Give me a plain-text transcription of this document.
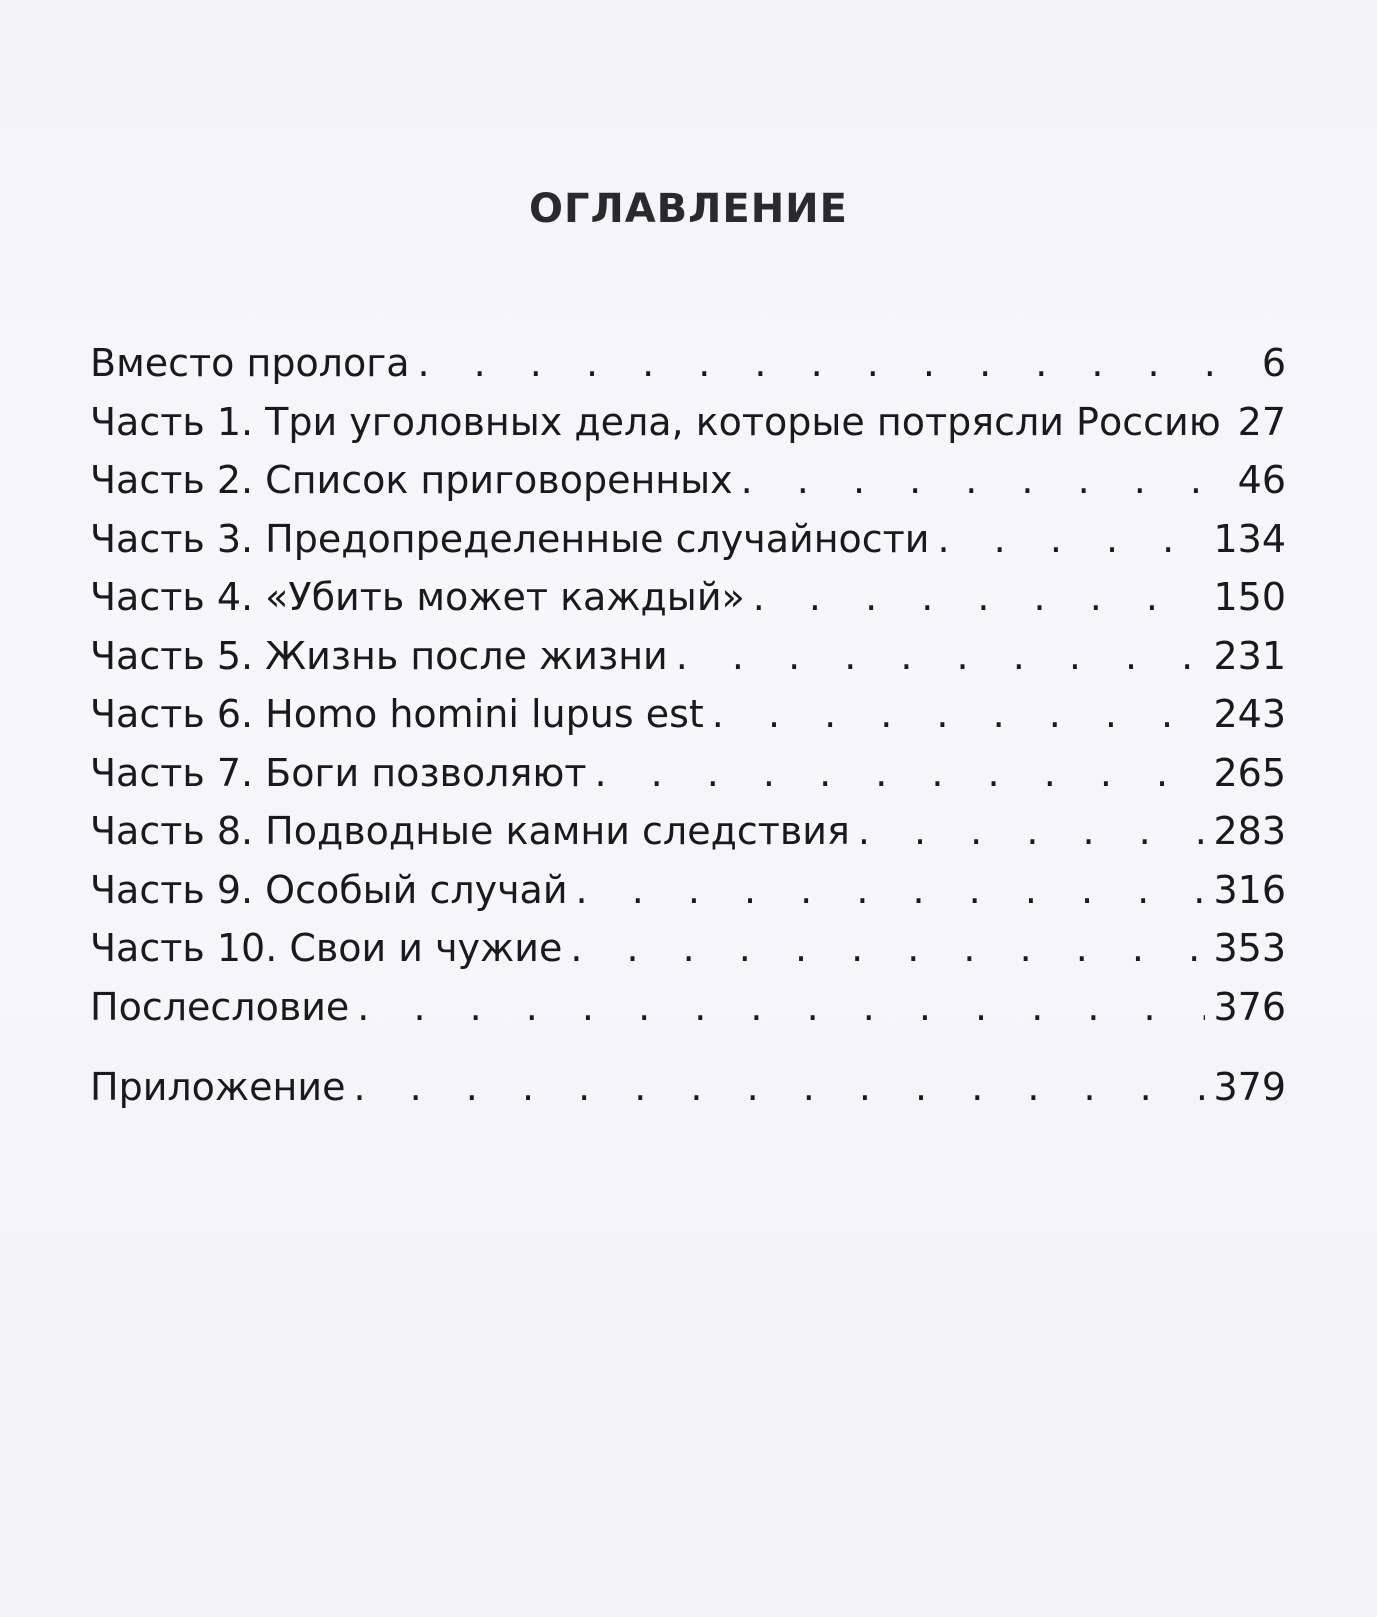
ОГЛАВЛЕНИЕ
Вместо пролога . . .	6
Часть 1. Три уголовных дела, которые потрясли Россию . . . 27
Часть 2. Список приговоренных . . .	46
Часть 3. Предопределенные случайности . . .	134
Часть 4. «Убить может каждый» . . .	150
Часть 5. Жизнь после жизни . . .	231
Часть 6. Homo homini lupus est . . .	243
Часть 7. Боги позволяют . . .	265
Часть 8. Подводные камни следствия . . .	283
Часть 9. Особый случай . . .	316
Часть 10. Свои и чужие . . .	353
Послесловие . . .	376
Приложение . . .	379
